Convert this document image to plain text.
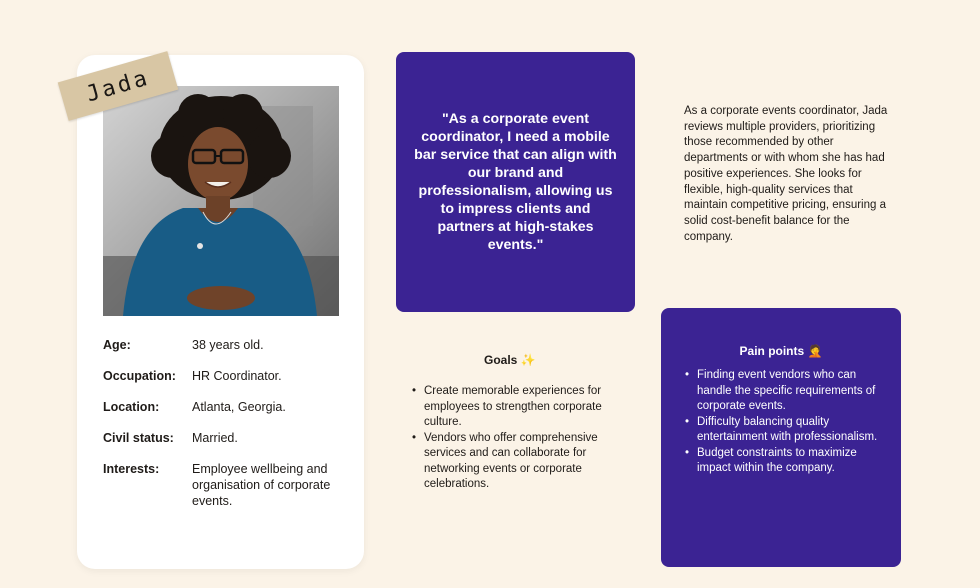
Age:	38 years old.
Occupation:	HR Coordinator.
Location:	Atlanta, Georgia.
Civil status:	Married.
Interests:	Employee wellbeing and organisation of corporate events.
Jada

"As a corporate event coordinator, I need a mobile bar service that can align with our brand and professionalism, allowing us to impress clients and partners at high-stakes events."

As a corporate events coordinator, Jada reviews multiple providers, prioritizing those recommended by other departments or with whom she has had positive experiences. She looks for flexible, high-quality services that maintain competitive pricing, ensuring a solid cost-benefit balance for the company.

Goals ✨
• Create memorable experiences for employees to strengthen corporate culture.
• Vendors who offer comprehensive services and can collaborate for networking events or corporate celebrations.
Pain points 🤦
• Finding event vendors who can handle the specific requirements of corporate events.
• Difficulty balancing quality entertainment with professionalism.
• Budget constraints to maximize impact within the company.
